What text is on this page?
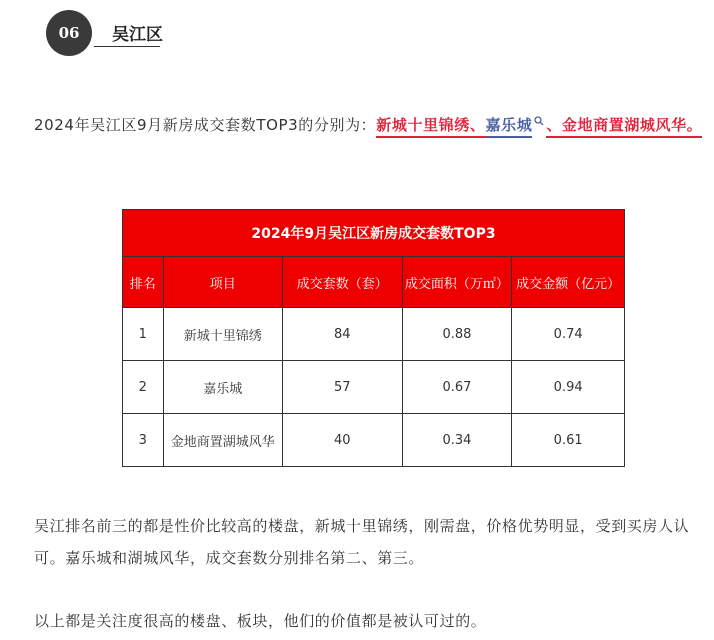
06 吴江区
2024年吴江区9月新房成交套数TOP3的分别为：新城十里锦绣、嘉乐城 、金地商置湖城风华。
2024年9月吴江区新房成交套数TOP3				
排名	项目	成交套数（套）	成交面积（万㎡）	成交金额（亿元）
1	新城十里锦绣	84	0.88	0.74
2	嘉乐城	57	0.67	0.94
3	金地商置湖城风华	40	0.34	0.61
吴江排名前三的都是性价比较高的楼盘，新城十里锦绣，刚需盘，价格优势明显，受到买房人认可。嘉乐城和湖城风华，成交套数分别排名第二、第三。
以上都是关注度很高的楼盘、板块，他们的价值都是被认可过的。
